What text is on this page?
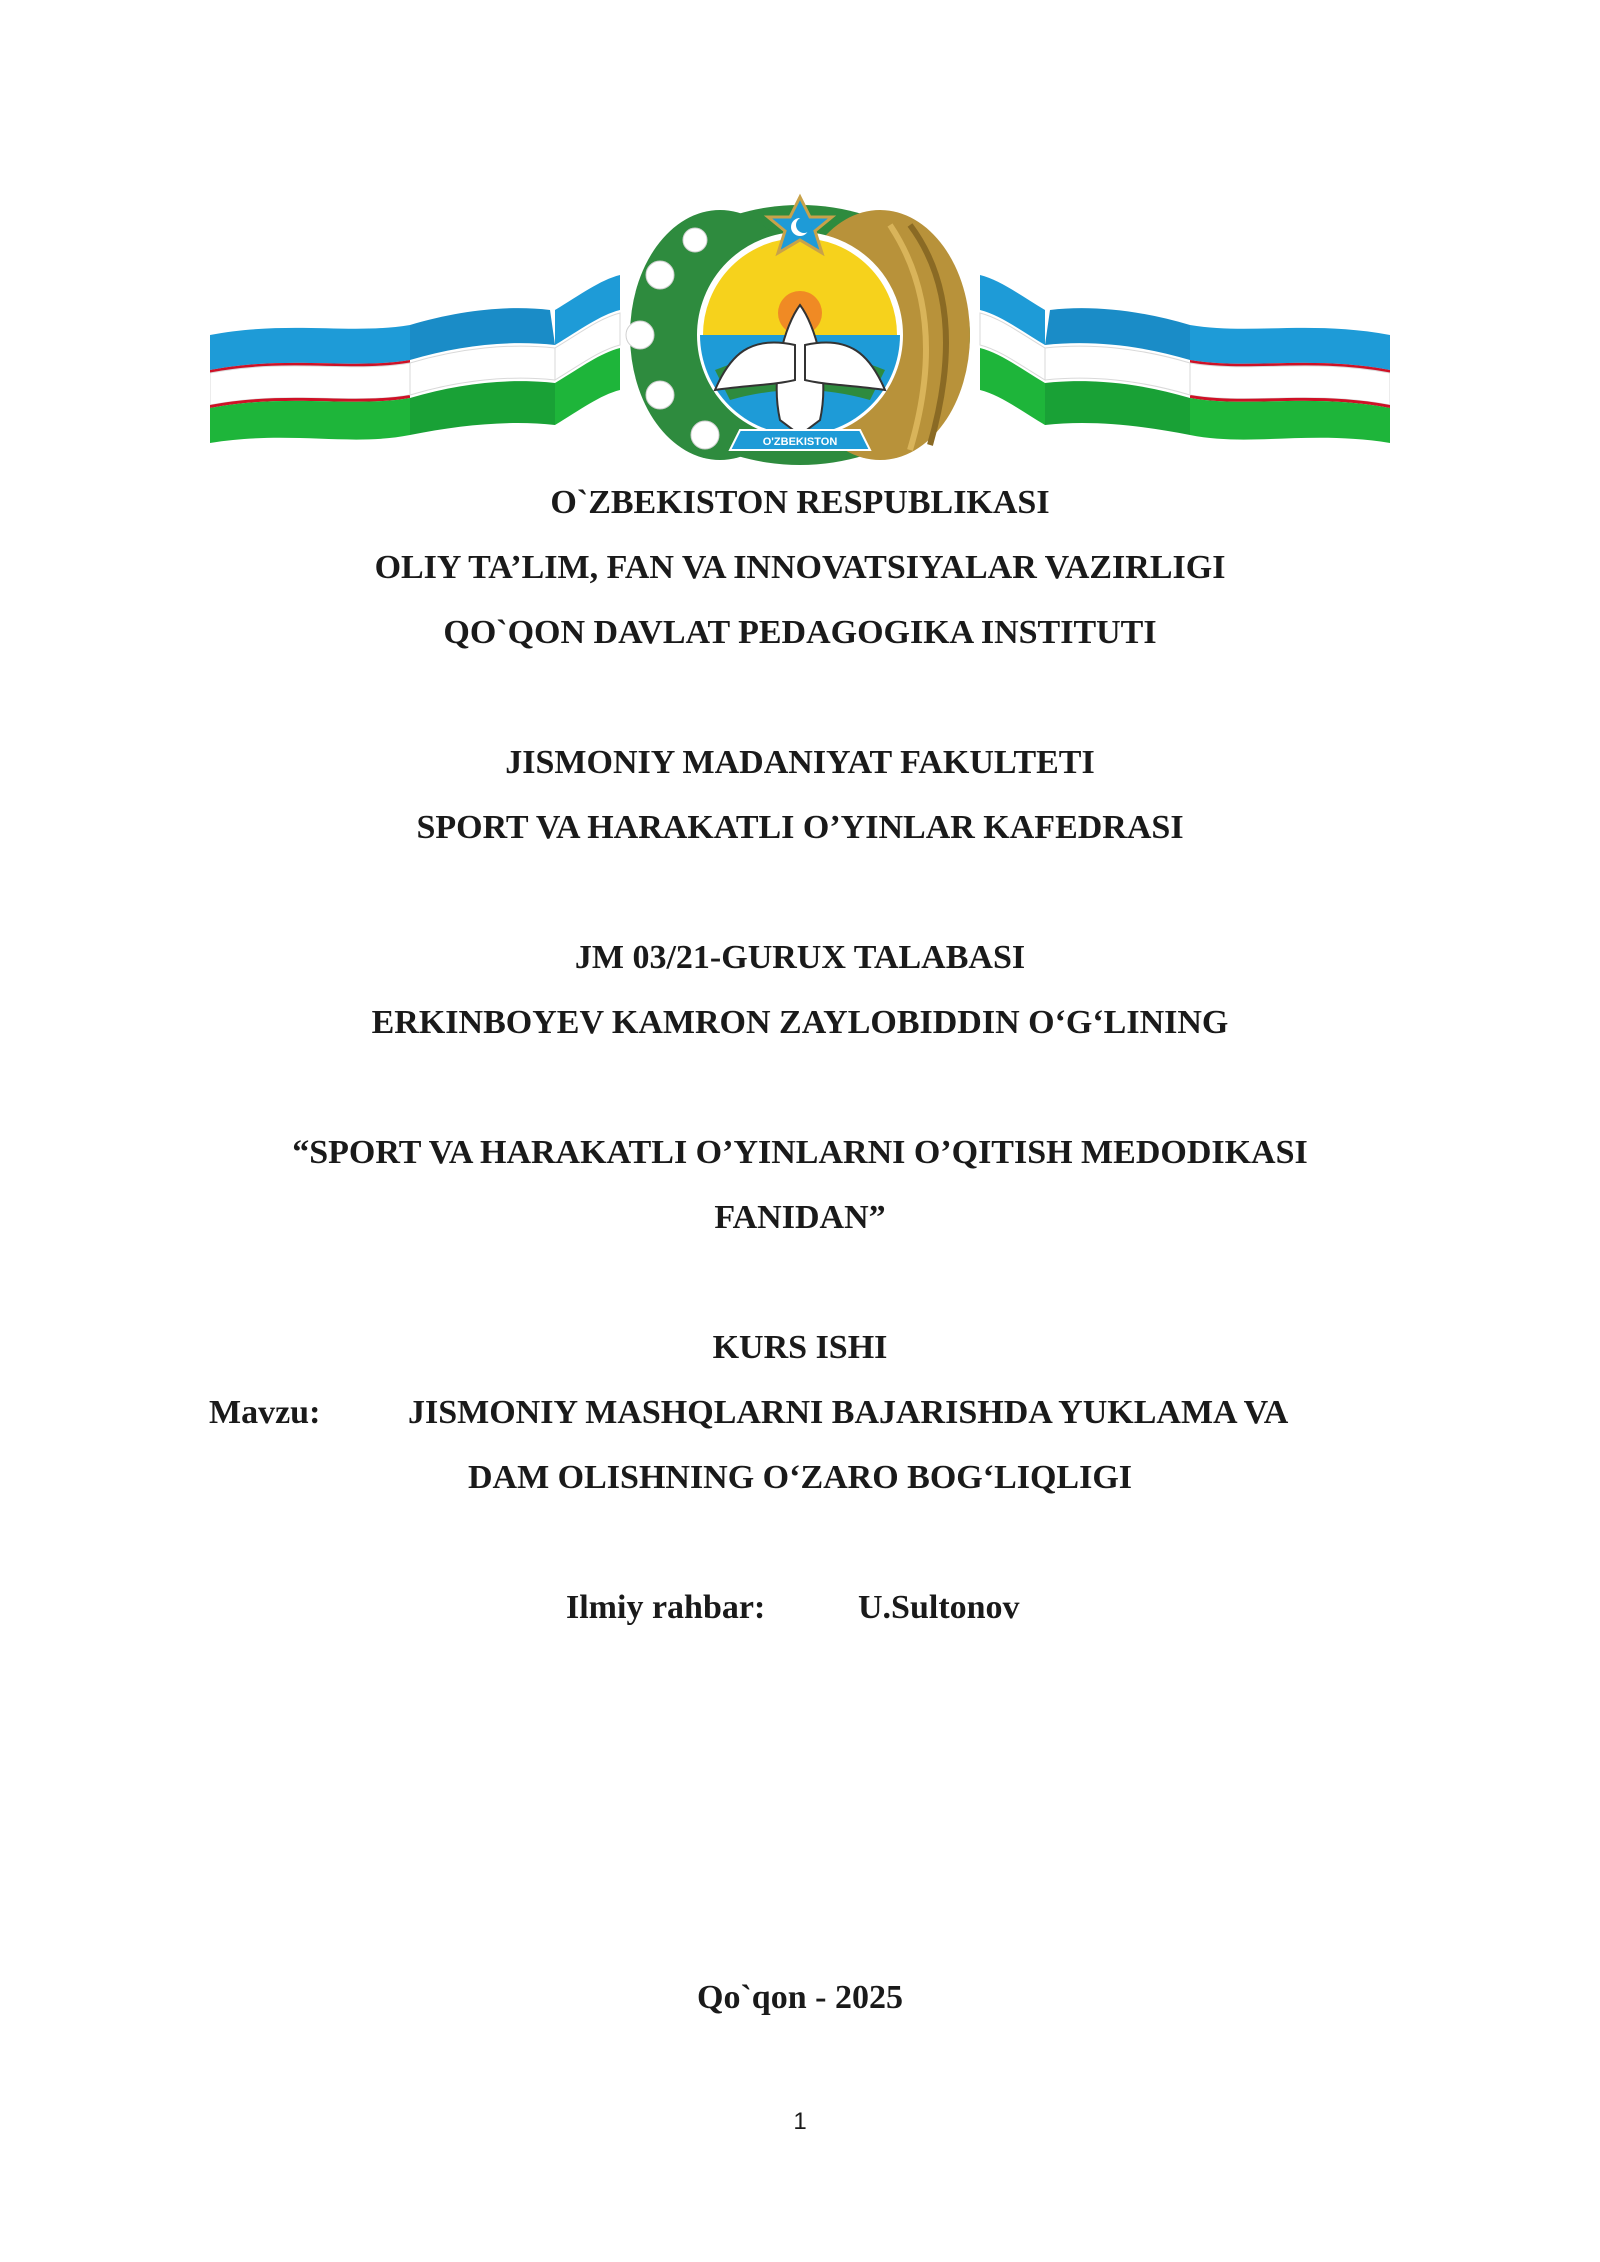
O'ZBEKISTON
O`ZBEKISTON RESPUBLIKASI
OLIY TA’LIM, FAN VA INNOVATSIYALAR VAZIRLIGI
QO`QON DAVLAT PEDAGOGIKA INSTITUTI
JISMONIY MADANIYAT FAKULTETI
SPORT VA HARAKATLI O’YINLAR KAFEDRASI
JM 03/21-GURUX TALABASI
ERKINBOYEV KAMRON ZAYLOBIDDIN O‘G‘LINING
“SPORT VA HARAKATLI O’YINLARNI O’QITISH MEDODIKASI
FANIDAN”
KURS ISHI
Mavzu:	JISMONIY MASHQLARNI BAJARISHDA YUKLAMA VA
DAM OLISHNING O‘ZARO BOG‘LIQLIGI
Ilmiy rahbar:	U.Sultonov
Qo`qon - 2025
1
